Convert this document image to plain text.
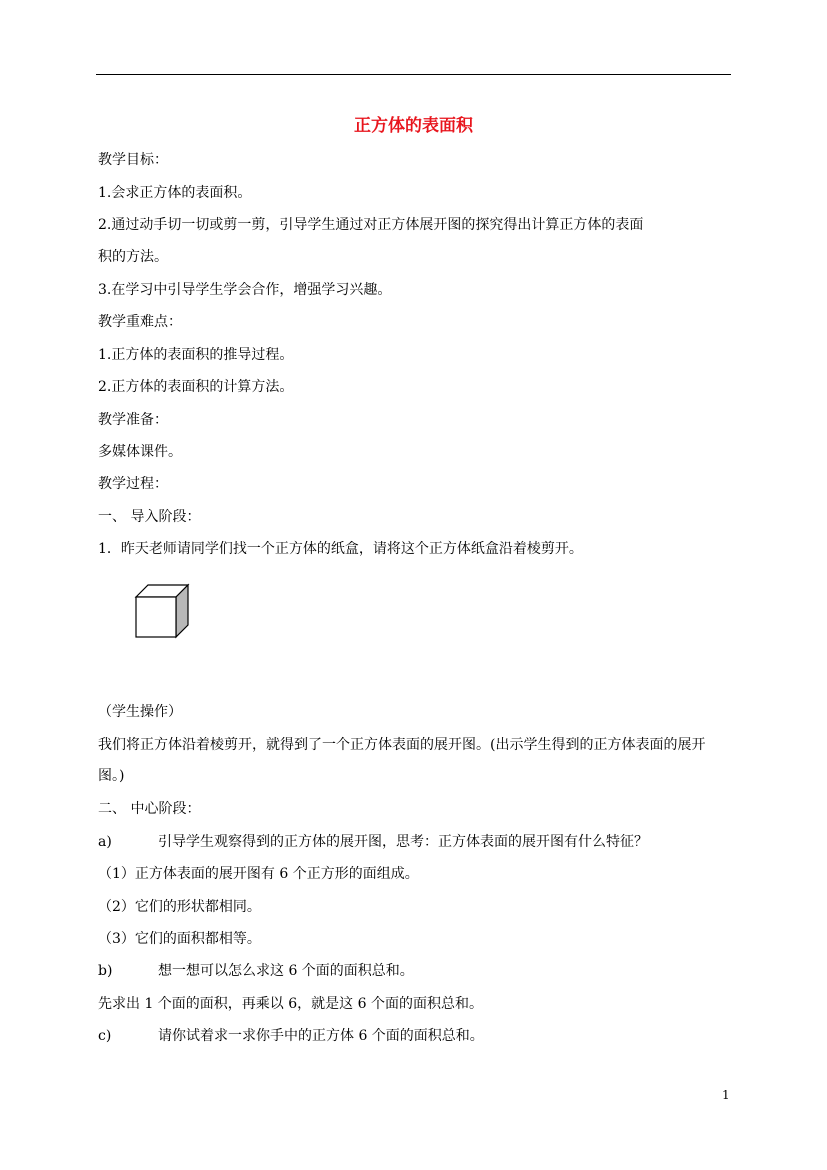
正方体的表面积
教学目标：
1.会求正方体的表面积。
2.通过动手切一切或剪一剪，引导学生通过对正方体展开图的探究得出计算正方体的表面
积的方法。
3.在学习中引导学生学会合作，增强学习兴趣。
教学重难点：
1.正方体的表面积的推导过程。
2.正方体的表面积的计算方法。
教学准备：
多媒体课件。
教学过程：
一、 导入阶段：
1．昨天老师请同学们找一个正方体的纸盒，请将这个正方体纸盒沿着棱剪开。
（学生操作）
我们将正方体沿着棱剪开，就得到了一个正方体表面的展开图。(出示学生得到的正方体表面的展开
图。)
二、 中心阶段：
a)	引导学生观察得到的正方体的展开图，思考：正方体表面的展开图有什么特征？
（1）正方体表面的展开图有 6 个正方形的面组成。
（2）它们的形状都相同。
（3）它们的面积都相等。
b)	想一想可以怎么求这 6 个面的面积总和。
先求出 1 个面的面积，再乘以 6，就是这 6 个面的面积总和。
c)	请你试着求一求你手中的正方体 6 个面的面积总和。
1
